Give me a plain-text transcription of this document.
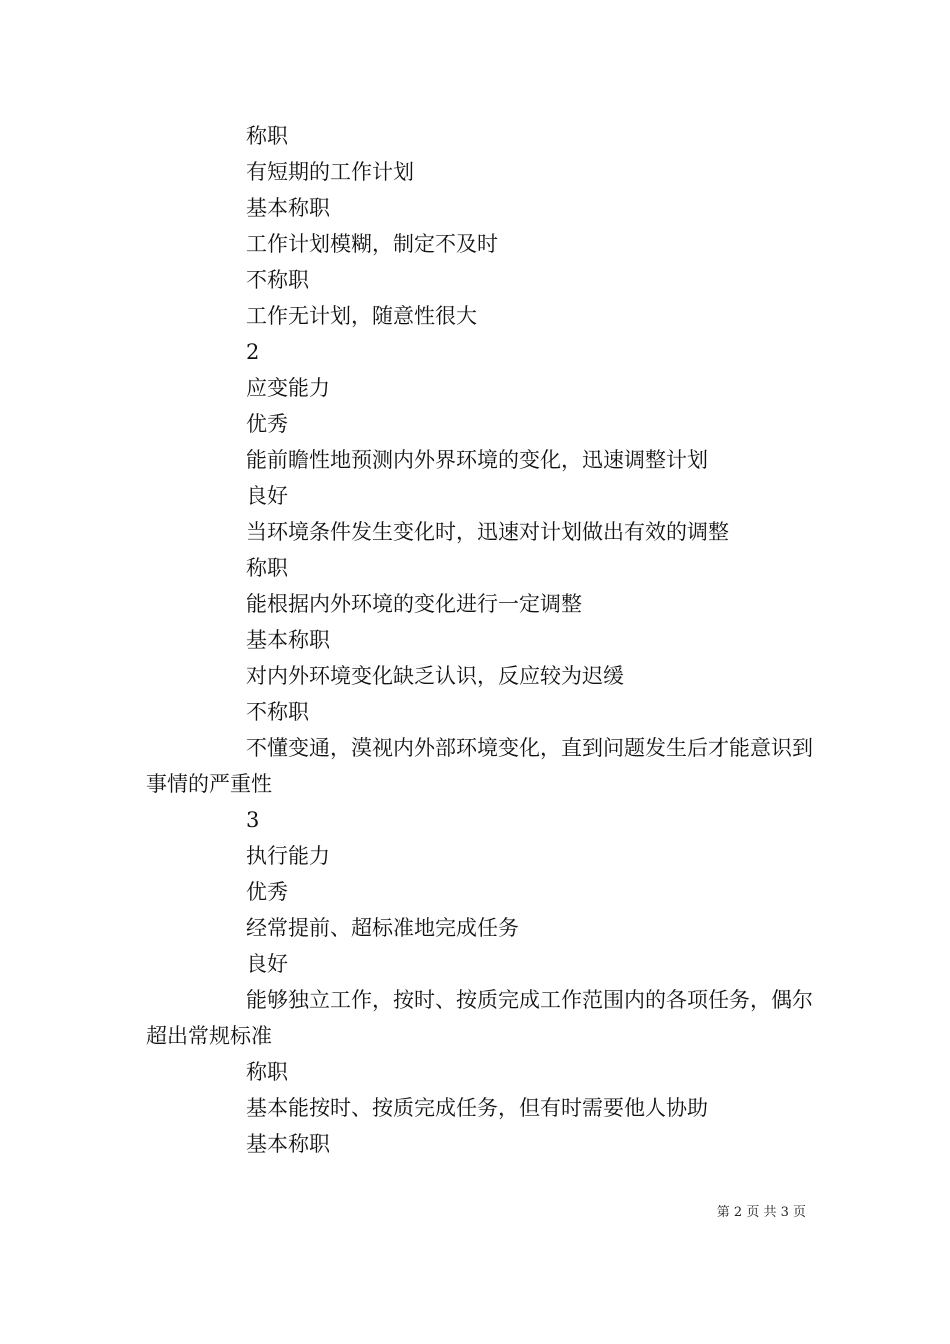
称职

有短期的工作计划

基本称职

工作计划模糊，制定不及时

不称职

工作无计划，随意性很大

2

应变能力

优秀

能前瞻性地预测内外界环境的变化，迅速调整计划

良好

当环境条件发生变化时，迅速对计划做出有效的调整

称职

能根据内外环境的变化进行一定调整

基本称职

对内外环境变化缺乏认识，反应较为迟缓

不称职

不懂变通，漠视内外部环境变化，直到问题发生后才能意识到事情的严重性

3

执行能力

优秀

经常提前、超标准地完成任务

良好

能够独立工作，按时、按质完成工作范围内的各项任务，偶尔超出常规标准

称职

基本能按时、按质完成任务，但有时需要他人协助

基本称职

第 2 页 共 3 页
